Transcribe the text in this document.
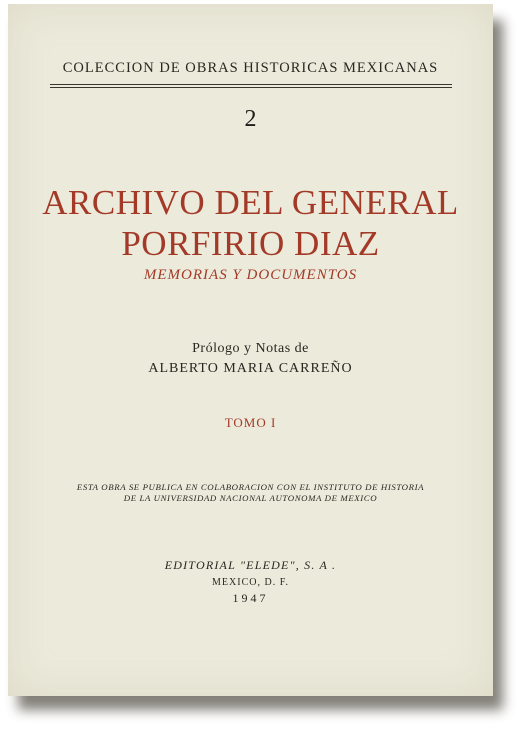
COLECCION DE OBRAS HISTORICAS MEXICANAS
2
ARCHIVO DEL GENERAL
PORFIRIO DIAZ
MEMORIAS Y DOCUMENTOS
Prólogo y Notas de
ALBERTO MARIA CARREÑO
TOMO I
ESTA OBRA SE PUBLICA EN COLABORACION CON EL INSTITUTO DE HISTORIA
DE LA UNIVERSIDAD NACIONAL AUTONOMA DE MEXICO
EDITORIAL "ELEDE", S. A .
MEXICO, D. F.
1947
